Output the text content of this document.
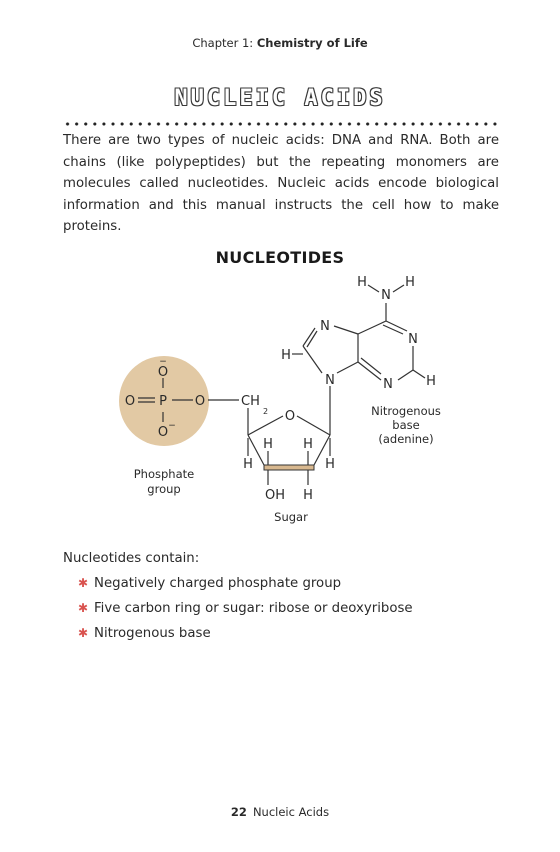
Chapter 1: Chemistry of Life
NUCLEIC ACIDS

There are two types of nucleic acids: DNA and RNA. Both are chains (like polypeptides) but the repeating monomers are molecules called nucleotides. Nucleic acids encode biological information and this manual instructs the cell how to make proteins.

NUCLEOTIDES
O
−
O P O
O −
CH
2 O
H H
H	H
OH H
H
N
H
N
N
H
N	N	H
Phosphate
group
Sugar
Nitrogenous
base
(adenine)

Nucleotides contain:

✱ Negatively charged phosphate group
✱ Five carbon ring or sugar: ribose or deoxyribose
✱ Nitrogenous base
22 Nucleic Acids
